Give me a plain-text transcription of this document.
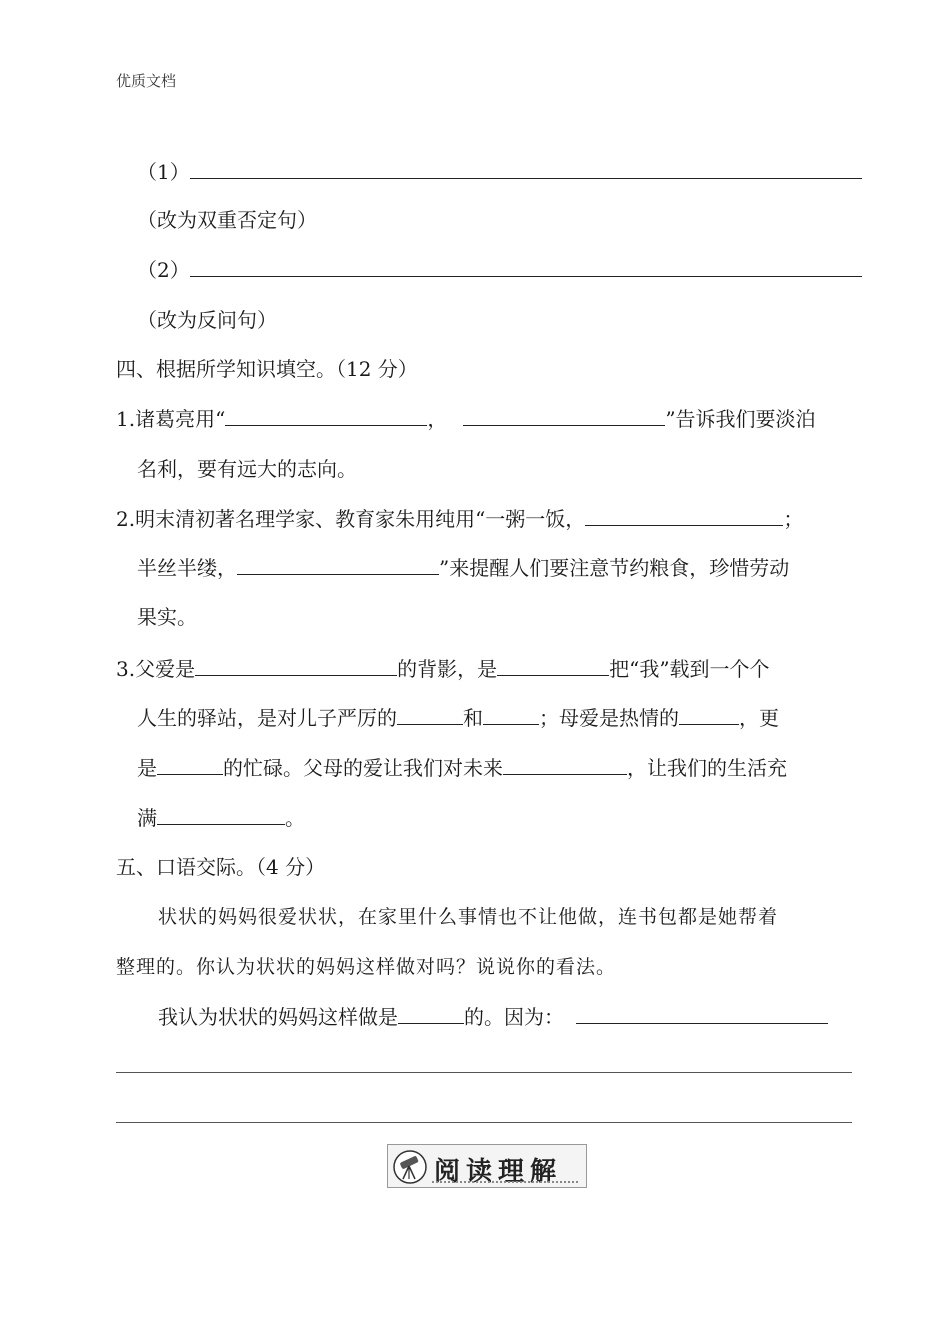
优质文档
（1）
（改为双重否定句）
（2）
（改为反问句）
四、根据所学知识填空。（12 分）
1.诸葛亮用“	，	”告诉我们要淡泊
名利，要有远大的志向。
2.明末清初著名理学家、教育家朱用纯用“一粥一饭，	；
半丝半缕，	”来提醒人们要注意节约粮食，珍惜劳动
果实。
3.父爱是	的背影，是	把“我”载到一个个
人生的驿站，是对儿子严厉的	和	；母爱是热情的	，更
是	的忙碌。父母的爱让我们对未来	，让我们的生活充
满	。
五、口语交际。（4 分）
状状的妈妈很爱状状，在家里什么事情也不让他做，连书包都是她帮着
整理的。你认为状状的妈妈这样做对吗？说说你的看法。
我认为状状的妈妈这样做是	的。因为：
阅读理解
